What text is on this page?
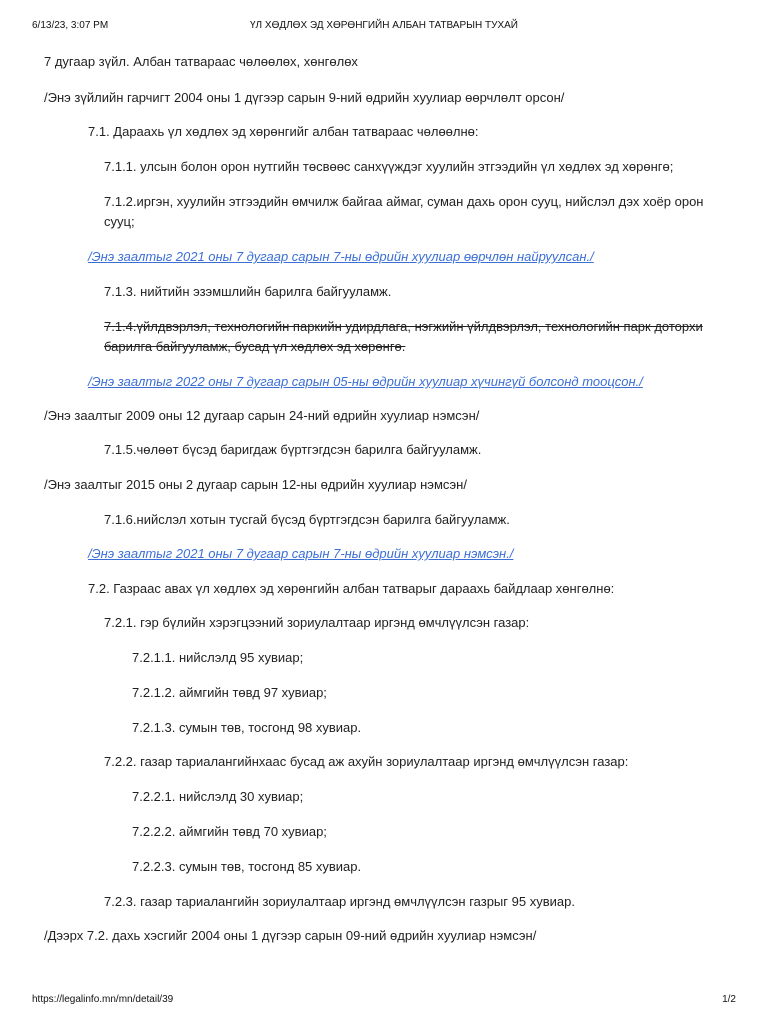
6/13/23, 3:07 PM	ҮЛ ХӨДЛӨХ ЭД ХӨРӨНГИЙН АЛБАН ТАТВАРЫН ТУХАЙ
7 дугаар зүйл. Албан татвараас чөлөөлөх, хөнгөлөх
/Энэ зүйлийн гарчигт 2004 оны 1 дүгээр сарын 9-ний өдрийн хуулиар өөрчлөлт орсон/
7.1. Дараахь үл хөдлөх эд хөрөнгийг албан татвараас чөлөөлнө:
7.1.1. улсын болон орон нутгийн төсвөөс санхүүждэг хуулийн этгээдийн үл хөдлөх эд хөрөнгө;
7.1.2.иргэн, хуулийн этгээдийн өмчилж байгаа аймаг, суман дахь орон сууц, нийслэл дэх хоёр орон сууц;
/Энэ заалтыг 2021 оны 7 дугаар сарын 7-ны өдрийн хуулиар өөрчлөн найруулсан./
7.1.3. нийтийн эзэмшлийн барилга байгууламж.
7.1.4.үйлдвэрлэл, технологийн паркийн удирдлага, нэгжийн үйлдвэрлэл, технологийн парк доторхи барилга байгууламж, бусад үл хөдлөх эд хөрөнгө.
/Энэ заалтыг 2022 оны 7 дугаар сарын 05-ны өдрийн хуулиар хүчингүй болсонд тооцсон./
/Энэ заалтыг 2009 оны 12 дугаар сарын 24-ний өдрийн хуулиар нэмсэн/
7.1.5.чөлөөт бүсэд баригдаж бүртгэгдсэн барилга байгууламж.
/Энэ заалтыг 2015 оны 2 дугаар сарын 12-ны өдрийн хуулиар нэмсэн/
7.1.6.нийслэл хотын тусгай бүсэд бүртгэгдсэн барилга байгууламж.
/Энэ заалтыг 2021 оны 7 дугаар сарын 7-ны өдрийн хуулиар нэмсэн./
7.2. Газраас авах үл хөдлөх эд хөрөнгийн албан татварыг дараахь байдлаар хөнгөлнө:
7.2.1. гэр бүлийн хэрэгцээний зориулалтаар иргэнд өмчлүүлсэн газар:
7.2.1.1. нийслэлд 95 хувиар;
7.2.1.2. аймгийн төвд 97 хувиар;
7.2.1.3. сумын төв, тосгонд 98 хувиар.
7.2.2. газар тариалангийнхаас бусад аж ахуйн зориулалтаар иргэнд өмчлүүлсэн газар:
7.2.2.1. нийслэлд 30 хувиар;
7.2.2.2. аймгийн төвд 70 хувиар;
7.2.2.3. сумын төв, тосгонд 85 хувиар.
7.2.3. газар тариалангийн зориулалтаар иргэнд өмчлүүлсэн газрыг 95 хувиар.
/Дээрх 7.2. дахь хэсгийг 2004 оны 1 дүгээр сарын 09-ний өдрийн хуулиар нэмсэн/
https://legalinfo.mn/mn/detail/39	1/2
